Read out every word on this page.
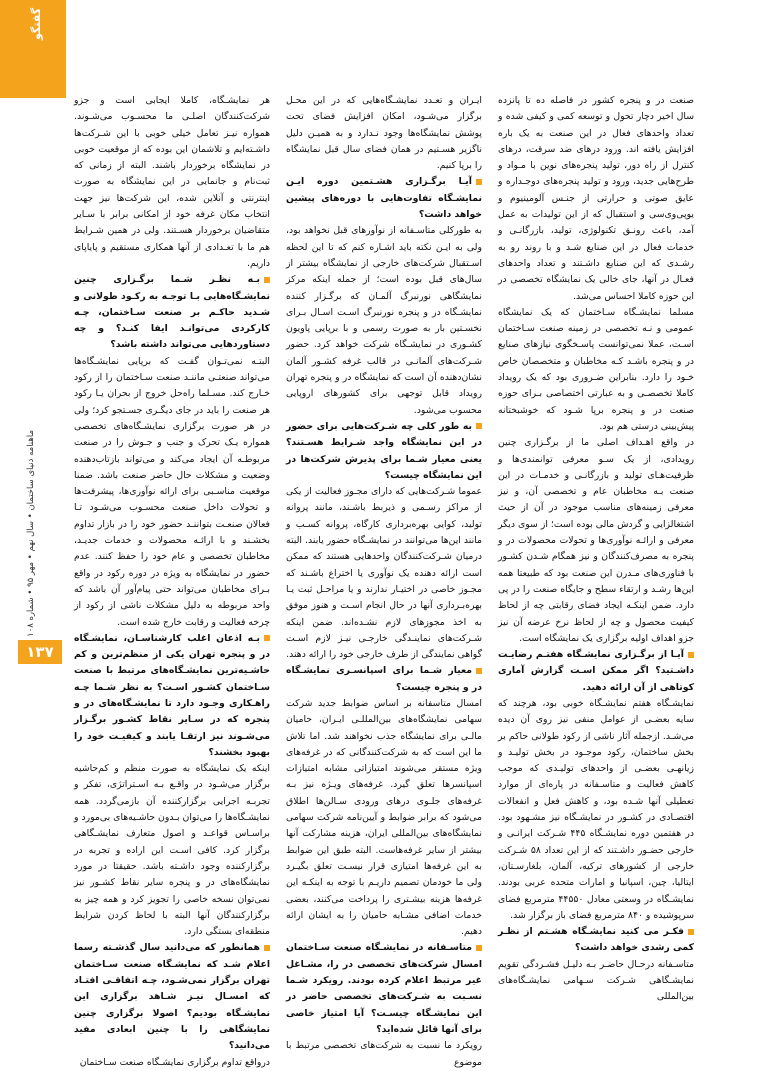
گفتگو
ماهنامه دنیای ساختمان • سال نهم • مهر ۹۵ • شماره ۱۰۸
۱۳۷

صنعت در و پنجره کشور در فاصله ده تا پانزده سال اخیر دچار تحول و توسعه کمی و کیفی شده و تعداد واحدهای فعال در این صنعت به یک باره افزایش یافته اند. ورود درهای ضد سرقت، درهای کنترل از راه دور، تولید پنجره‌های نوین با مـواد و طرح‌هایی جدید، ورود و تولید پنجره‌های دوجـداره و عایق صوتی و حرارتی از جنـس آلومینیوم و یوپی‌وی‌سی و استقبال که از این تولیدات به عمل آمد، باعث رونـق تکنولوژی، تولید، بازرگانـی و خدمات فعال در این صنایع شـد و با روند رو به رشـدی که این صنایع داشـتند و تعداد واحدهای فعـال در آنها، جای خالی یک نمایشگاه تخصصی در این حوزه کاملا احساس می‌شد.

مسلما نمایشـگاه سـاختمان که یک نمایشگاه عمومی و نـه تخصصی در زمینه صنعت سـاختمان اسـت، عملا نمی‌توانست پاسـخگوی نیازهای صنایع در و پنجره باشـد کـه مخاطبان و متخصصان خاص خـود را دارد. بنابراین ضـروری بود که یک رویداد کاملا تخصصـی و به عبارتی اختصاصی بـرای حوزه صنعت در و پنجره برپا شـود که خوشبختانه پیش‌بینی درستی هم بود.

در واقع اهـداف اصلی ما از برگـزاری چنین رویدادی، از یک سـو معرفی توانمندی‌ها و ظرفیت‌هـای تولید و بازرگانـی و خدمـات در این صنعت بـه مخاطبان عام و تخصصی آن، و نیز معرفی زمینه‌های مناسب موجود در آن از حیث اشتغالزایی و گردش مالی بوده است؛ از سوی دیگر معرفی و ارائـه نوآوری‌ها و تحولات محصولات در و پنجره به مصرف‌کنندگان و نیز همگام شـدن کشـور با فناوری‌های مـدرن این صنعت بود که طبیعتا همه این‌ها رشـد و ارتقاء سطح و جایگاه صنعت را در پی دارد. ضمن اینکـه ایجاد فضای رقابتی چه از لحاظ کیفیت محصول و چه از لحاظ نرخ عرضه آن نیز جزو اهداف اولیه برگزاری یک نمایشگاه است.

آیـا از برگـزاری نمایشـگاه هفتـم رضایـت داشـتید؟ اگر ممکن اسـت گزارش آماری کوتاهی از آن ارائه دهید.

نمایشـگاه هفتم نمایشـگاه خوبی بود، هرچند که سایه بعضـی از عوامل منفی نیز روی آن دیده می‌شـد. ازجمله آثار ناشی از رکود طولانی حاکم بر بخش ساختمان، رکود موجـود در بخش تولیـد و زیانهـی بعضـی از واحدهای تولیـدی که موجب کاهش فعالیت و متاسـفانه در پاره‌ای از موارد تعطیلی آنها شـده بود، و کاهش فعل و انفعالات اقتصـادی در کشـور در نمایشـگاه نیز مشـهود بود. در هفتمین دوره نمایشـگاه ۴۴۵ شـرکت ایرانـی و خارجی حضـور داشـتند که از این تعداد ۵۸ شـرکت خارجی از کشورهای ترکیه، آلمان، بلغارسـتان، ایتالیا، چین، اسپانیا و امارات متحده عربی بودند. نمایشـگاه در وسعتی معادل ۴۴۵۵۰ مترمربع فضای سرپوشیده و ۸۴۰ مترمربع فضای باز برگزار شد.

فکـر می کنید نمایشـگاه هشـتم از نظـر کمی رشدی خواهد داشت؟

متاسـفانه درحـال حاضـر بـه دلیـل فشـردگی تقویم نمایشـگاهی شـرکت سـهامی نمایشـگاه‌های بین‌المللی

ایـران و تعـدد نمایشـگاه‌هایی که در این محـل برگزار می‌شـود، امکان افزایش فضای تحت پوشش نمایشگاه‌ها وجود نـدارد و به همیـن دلیل ناگزیر هسـتیم در همان فضای سال قبل نمایشگاه را برپا کنیم.

آیـا برگـزاری هشـتمین دوره ایـن نمایشـگاه تفاوت‌هایی با دوره‌های پیشین خواهد داشت؟

به طورکلی متاسـفانه از نوآورهای قبل نخواهد بود، ولی به ایـن نکته باید اشـاره کنم که تا این لحظه اسـتقبال شرکت‌های خارجی از نمایشگاه بیشتر از سال‌های قبل بوده است؛ از جمله اینکه مرکز نمایشگاهی نورنبرگ آلمـان که برگـزار کننده نمایشـگاه در و پنجره نورنبرگ اسـت اسـال بـرای نخسـتین بار به صورت رسمی و با برپایی پاویون کشـوری در نمایشـگاه شرکت خواهد کرد. حضور شـرکت‌های آلمانـی در قالب غرفه کشـور آلمان نشان‌دهنده آن است که نمایشگاه در و پنجره تهران رویداد قابل توجهی برای کشورهای اروپایی محسوب می‌شود.

به طور کلی چه شـرکت‌هایی برای حضور در این نمایشگاه واجد شـرایط هسـتند؟ یعنی معیار شـما برای پذیرش شرکت‌ها در این نمایشگاه چیست؟

عموما شـرکت‌هایی که دارای مجـوز فعالیت از یکی از مراکز رسـمی و ذیربط باشـند، مانند پروانه تولید، کوایی بهره‌برداری کارگاه، پروانه کسـب و مانند این‌ها می‌توانند در نمایشـگاه حضور یابند. البته درمیان شـرکت‌کنندگان واحدهایی هستند که ممکن است ارائه دهنده یک نوآوری یا اختراع باشـند که مجـوز خاصی در اختیـار ندارند و یا مراحـل ثبت یـا بهره‌بـرداری آنها در حال انجام اسـت و هنوز موفق به اخذ مجوزهای لازم نشـده‌اند. ضمن اینکه شـرکت‌های نماینـدگی خارجـی نیـز لازم اسـت گواهی نمایندگی از طرف خارجی خود را ارائه دهند.

معیار شـما برای اسپانسـری نمایشـگاه در و پنجره چیست؟

امسال متاسفانه بر اساس ضوابط جدید شرکت سهامی نمایشگاه‌های بین‌المللـی ایـران، حامیان مالـی برای نمایشگاه جذب نخواهند شد. اما تلاش ما این است که به شرکت‌کنندگانی که در غرفه‌های ویژه مستقر می‌شوند امتیازاتی مشابه امتیازات اسپانسرها تعلق گیرد. غرفه‌های ویـژه نیز بـه غرفه‌های جلـوی درهای ورودی سـالن‌ها اطلاق می‌شود که برابر ضوابط و آیین‌نامه شرکت سهامی نمایشگاه‌های بین‌المللی ایران، هزینه مشارکت آنها بیشتر از سایر غرفه‌هاست. البته طبق این ضوابط به این غرفه‌ها امتیازی قرار نیسـت تعلق بگیـرد ولی ما خودمان تصمیم داریـم با توجه به اینکـه این غرفه‌ها هزینه بیشـتری را پرداخت می‌کنند، بعضی خدمات اضافی مشـابه حامیان را به ایشان ارائه دهیم.

متاسـفانه در نمایشـگاه صنعت سـاختمان امسال شرکت‌های تخصصی در را، مشـاغل غیر مرتبط اعلام کرده بودند. رویکرد شـما نسـبت به شـرکت‌های تخصصی حاضر در این نمایشـگاه چیسـت؟ آیا امتیاز خاصی برای آنها قائل شده‌اید؟

رویکرد ما نسبت به شرکت‌های تخصصی مرتبط با موضوع

هر نمایشـگاه، کاملا ایجابی است و جزو شرکت‌کنندگان اصلـی ما محسـوب می‌شـوند. همواره نیـز تعامل خیلی خوبی با این شـرکت‌ها داشـته‌ایم و تلاشمان این بوده که از موقعیت خوبی در نمایشگاه برخوردار باشند. البته از زمانی که ثبت‌نام و جانمایی در این نمایشگاه به صورت اینترنتی و آنلاین شده، این شرکت‌ها نیز جهت انتخاب مکان غرفه خود از امکانی برابر با سـایر متقاضیان برخوردار هسـتند. ولی در همین شـرایط هم ما با تعـدادی از آنها همکاری مستقیم و پایاپای داریم.

بـه نظـر شـما برگـزاری چنین نمایشـگاه‌هایی بـا توجـه به رکـود طولانی و شـدید حاکـم بر صنعت سـاختمان، چـه کارکردی می‌توانـد ایفا کنـد؟ و چه دستاوردهایی می‌تواند داشته باشد؟

البتـه نمی‌تـوان گفـت که برپایی نمایشـگاه‌ها می‌تواند صنعتـی ماننـد صنعت سـاختمان را از رکود خـارج کند. مسـلما راه‌حل خروج از بحران یـا رکود هر صنعت را باید در جای دیگـری جسـتجو کرد؛ ولی در هر صورت برگزاری نمایشـگاه‌های تخصصی همواره یـک تحرک و جنب و جـوش را در صنعت مربوطـه آن ایجاد می‌کند و می‌تواند بازتاب‌دهنده وضعیت و مشکلات حال حاضر صنعت باشد. ضمنا موقعیت مناسـبی برای ارائه نوآوری‌ها، پیشرفت‌ها و تحولات داخل صنعت محسـوب می‌شـود تـا فعالان صنعـت بتواننـد حضور خود را در بازار تداوم بخشـند و با ارائـه محصولات و خدمات جدیـد، مخاطبان تخصصی و عام خود را حفظ کنند. عدم حضور در نمایشگاه به ویژه در دوره رکود در واقع بـرای مخاطبان می‌تواند حتی پیام‌آور آن باشد که واحد مربوطه به دلیل مشکلات ناشی از رکود از چرخه فعالیت و رقابت خارج شده است.

بـه اذعان اغلب کارشناسـان، نمایشـگاه در و پنجره تهران یکی از منظم‌ترین و کم حاشـیه‌ترین نمایشـگاه‌های مرتبط با صنعت سـاختمان کشـور اسـت؟ به نظر شـما چـه راهـکاری وجـود دارد تا نمایشـگاه‌های در و پنجره که در سـایر نقاط کشـور برگـزار می‌شـوند نیز ارتقـا یابند و کیفیـت خود را بهبود بخشند؟

اینکه یک نمایشگاه به صورت منظم و کم‌حاشیه برگزار می‌شـود در واقـع بـه اسـتراتژی، تفکر و تجربـه اجرایی برگزارکننده آن بازمی‌گردد. همه نمایشـگاه‌ها را می‌توان بـدون حاشـیه‌های بی‌مورد و براسـاس قواعـد و اصول متعارف نمایشـگاهی برگزار کرد. کافی اسـت این اراده و تجربه در برگزارکننده وجود داشـته باشد. حقیقتا در مورد نمایشگاه‌های در و پنجره سایر نقاط کشـور نیز نمی‌توان نسخه خاصی را تجویز کرد و همه چیز به برگزارکنندگان آنها البته با لحاظ کردن شرایط منطقه‌ای بستگی دارد.

همانطور که می‌دانید سال گذشـته رسما اعلام شـد که نمایشـگاه صنعت سـاختمان تهران برگزار نمی‌شـود، چـه اتفاقـی افتـاد که امسـال نیـز شـاهد برگزاری این نمایشـگاه بودیم؟ اصولا برگزاری چنین نمایشگاهی را با چنین ابعادی مفید می‌دانید؟

درواقع تداوم برگزاری نمایشـگاه صنعت سـاختمان
